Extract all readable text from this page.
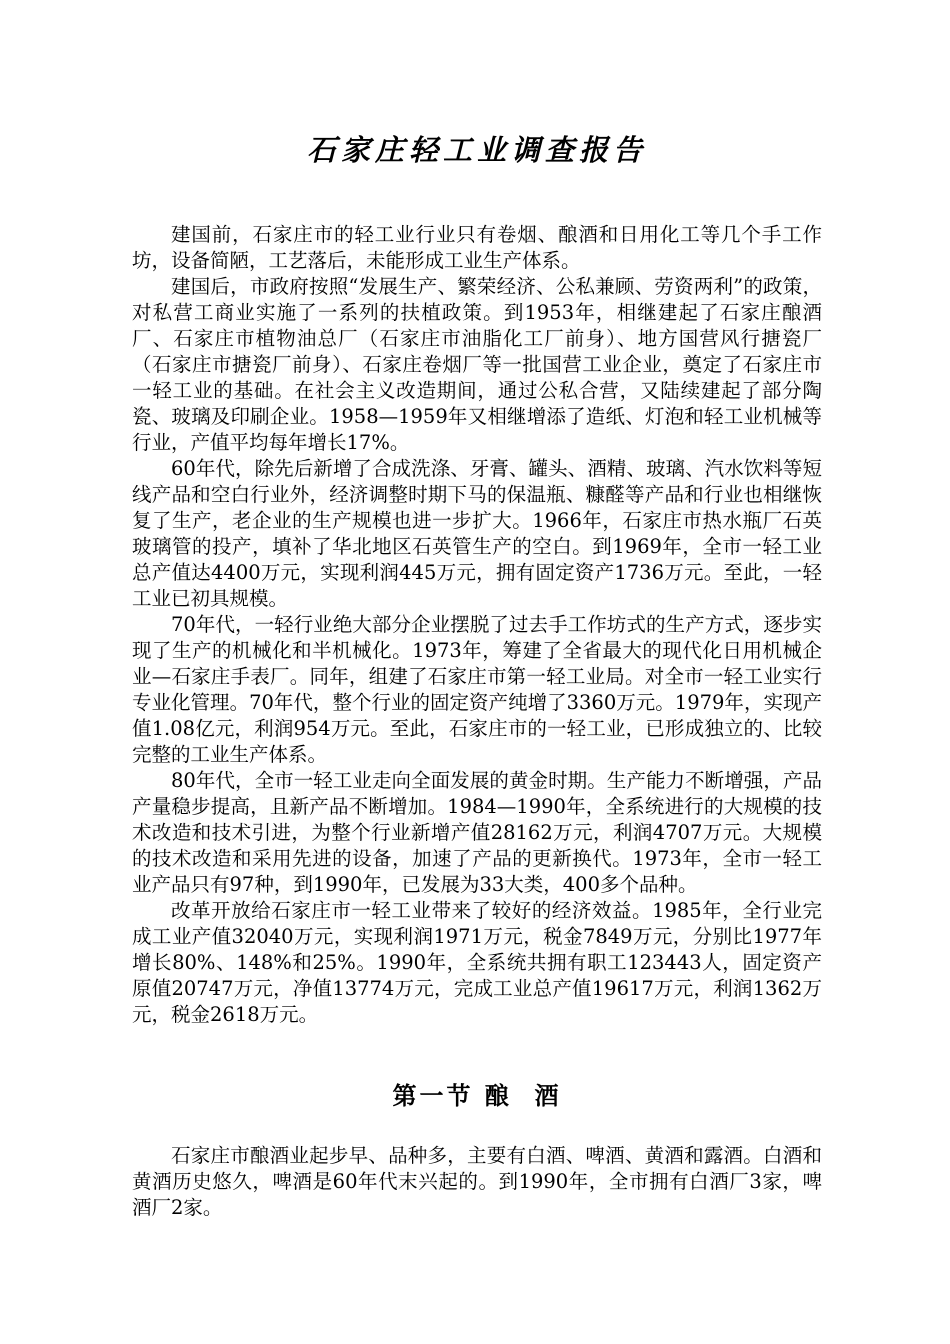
石家庄轻工业调查报告

建国前，石家庄市的轻工业行业只有卷烟、酿酒和日用化工等几个手工作坊，设备简陋，工艺落后，未能形成工业生产体系。

建国后，市政府按照“发展生产、繁荣经济、公私兼顾、劳资两利”的政策，对私营工商业实施了一系列的扶植政策。到1953年，相继建起了石家庄酿酒厂、石家庄市植物油总厂（石家庄市油脂化工厂前身）、地方国营风行搪瓷厂（石家庄市搪瓷厂前身）、石家庄卷烟厂等一批国营工业企业，奠定了石家庄市一轻工业的基础。在社会主义改造期间，通过公私合营，又陆续建起了部分陶瓷、玻璃及印刷企业。1958—1959年又相继增添了造纸、灯泡和轻工业机械等行业，产值平均每年增长17%。

60年代，除先后新增了合成洗涤、牙膏、罐头、酒精、玻璃、汽水饮料等短线产品和空白行业外，经济调整时期下马的保温瓶、糠醛等产品和行业也相继恢复了生产，老企业的生产规模也进一步扩大。1966年，石家庄市热水瓶厂石英玻璃管的投产，填补了华北地区石英管生产的空白。到1969年，全市一轻工业总产值达4400万元，实现利润445万元，拥有固定资产1736万元。至此，一轻工业已初具规模。

70年代，一轻行业绝大部分企业摆脱了过去手工作坊式的生产方式，逐步实现了生产的机械化和半机械化。1973年，筹建了全省最大的现代化日用机械企业—石家庄手表厂。同年，组建了石家庄市第一轻工业局。对全市一轻工业实行专业化管理。70年代，整个行业的固定资产纯增了3360万元。1979年，实现产值1.08亿元，利润954万元。至此，石家庄市的一轻工业，已形成独立的、比较完整的工业生产体系。

80年代，全市一轻工业走向全面发展的黄金时期。生产能力不断增强，产品产量稳步提高，且新产品不断增加。1984—1990年，全系统进行的大规模的技术改造和技术引进，为整个行业新增产值28162万元，利润4707万元。大规模的技术改造和采用先进的设备，加速了产品的更新换代。1973年，全市一轻工业产品只有97种，到1990年，已发展为33大类，400多个品种。

改革开放给石家庄市一轻工业带来了较好的经济效益。1985年，全行业完成工业产值32040万元，实现利润1971万元，税金7849万元，分别比1977年增长80%、148%和25%。1990年，全系统共拥有职工123443人，固定资产原值20747万元，净值13774万元，完成工业总产值19617万元，利润1362万元，税金2618万元。

第一节 酿  酒

石家庄市酿酒业起步早、品种多，主要有白酒、啤酒、黄酒和露酒。白酒和黄酒历史悠久，啤酒是60年代末兴起的。到1990年，全市拥有白酒厂3家，啤酒厂2家。
